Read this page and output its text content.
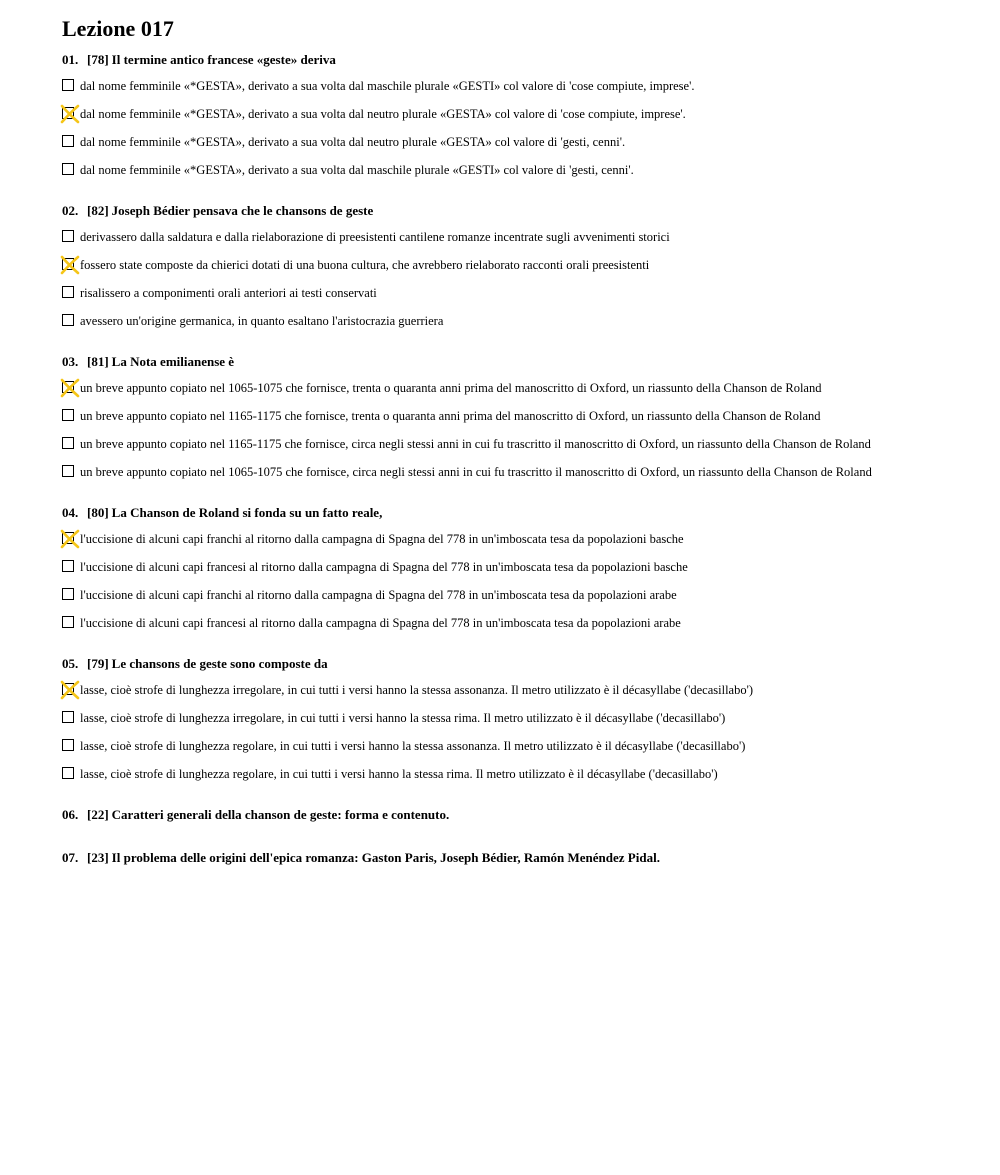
Lezione 017
01. [78] Il termine antico francese «geste» deriva
dal nome femminile «*GESTA», derivato a sua volta dal maschile plurale «GESTI» col valore di 'cose compiute, imprese'.
dal nome femminile «*GESTA», derivato a sua volta dal neutro plurale «GESTA» col valore di 'cose compiute, imprese'.
dal nome femminile «*GESTA», derivato a sua volta dal neutro plurale «GESTA» col valore di 'gesti, cenni'.
dal nome femminile «*GESTA», derivato a sua volta dal maschile plurale «GESTI» col valore di 'gesti, cenni'.
02. [82] Joseph Bédier pensava che le chansons de geste
derivassero dalla saldatura e dalla rielaborazione di preesistenti cantilene romanze incentrate sugli avvenimenti storici
fossero state composte da chierici dotati di una buona cultura, che avrebbero rielaborato racconti orali preesistenti
risalissero a componimenti orali anteriori ai testi conservati
avessero un'origine germanica, in quanto esaltano l'aristocrazia guerriera
03. [81] La Nota emilianense è
un breve appunto copiato nel 1065-1075 che fornisce, trenta o quaranta anni prima del manoscritto di Oxford, un riassunto della Chanson de Roland
un breve appunto copiato nel 1165-1175 che fornisce, trenta o quaranta anni prima del manoscritto di Oxford, un riassunto della Chanson de Roland
un breve appunto copiato nel 1165-1175 che fornisce, circa negli stessi anni in cui fu trascritto il manoscritto di Oxford, un riassunto della Chanson de Roland
un breve appunto copiato nel 1065-1075 che fornisce, circa negli stessi anni in cui fu trascritto il manoscritto di Oxford, un riassunto della Chanson de Roland
04. [80] La Chanson de Roland si fonda su un fatto reale,
l'uccisione di alcuni capi franchi al ritorno dalla campagna di Spagna del 778 in un'imboscata tesa da popolazioni basche
l'uccisione di alcuni capi francesi al ritorno dalla campagna di Spagna del 778 in un'imboscata tesa da popolazioni basche
l'uccisione di alcuni capi franchi al ritorno dalla campagna di Spagna del 778 in un'imboscata tesa da popolazioni arabe
l'uccisione di alcuni capi francesi al ritorno dalla campagna di Spagna del 778 in un'imboscata tesa da popolazioni arabe
05. [79] Le chansons de geste sono composte da
lasse, cioè strofe di lunghezza irregolare, in cui tutti i versi hanno la stessa assonanza. Il metro utilizzato è il décasyllabe ('decasillabo')
lasse, cioè strofe di lunghezza irregolare, in cui tutti i versi hanno la stessa rima. Il metro utilizzato è il décasyllabe ('decasillabo')
lasse, cioè strofe di lunghezza regolare, in cui tutti i versi hanno la stessa assonanza. Il metro utilizzato è il décasyllabe ('decasillabo')
lasse, cioè strofe di lunghezza regolare, in cui tutti i versi hanno la stessa rima. Il metro utilizzato è il décasyllabe ('decasillabo')
06. [22] Caratteri generali della chanson de geste: forma e contenuto.
07. [23] Il problema delle origini dell'epica romanza: Gaston Paris, Joseph Bédier, Ramón Menéndez Pidal.
